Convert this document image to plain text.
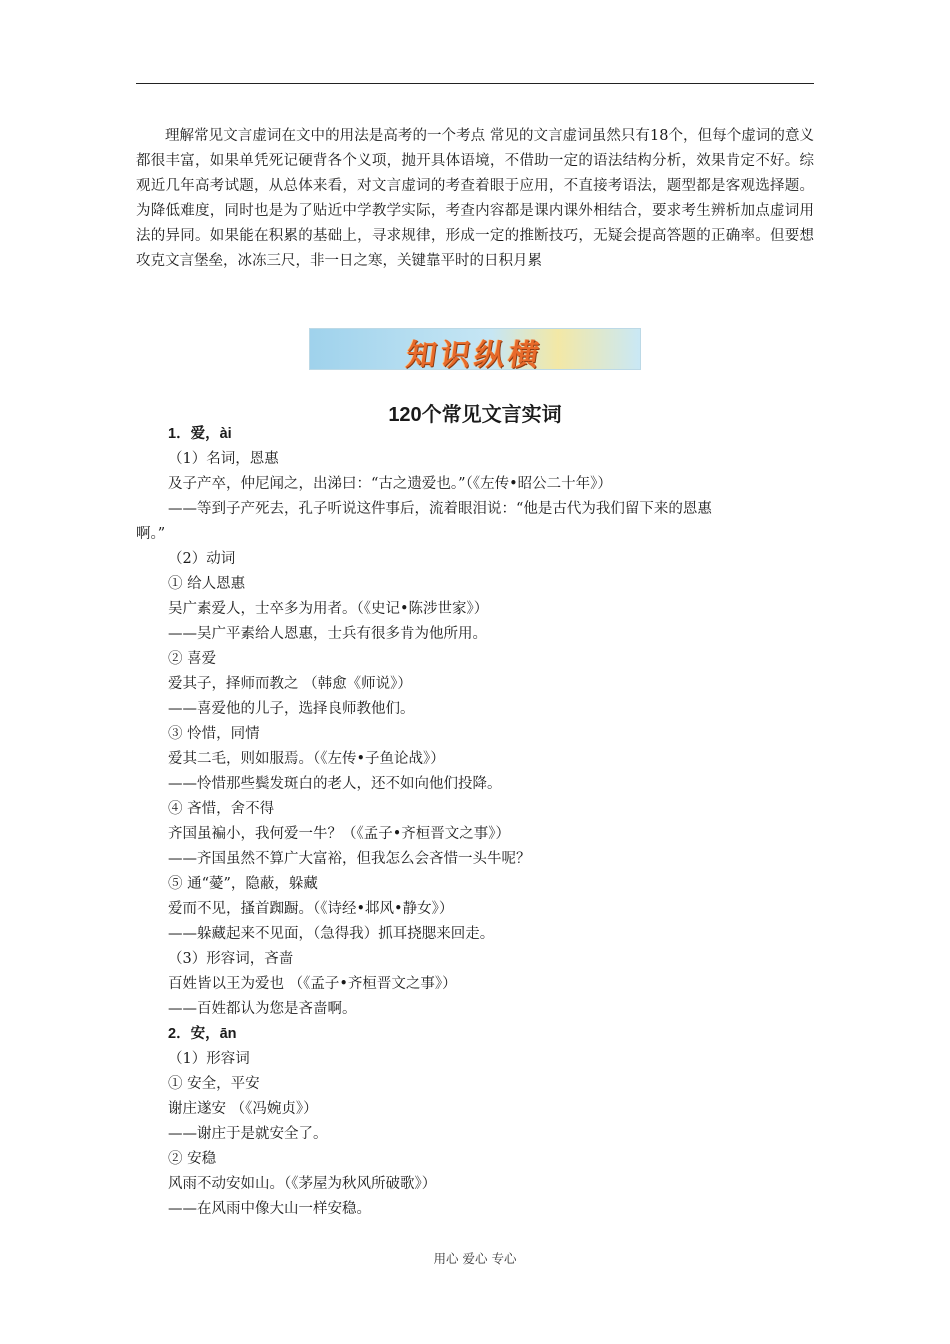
理解常见文言虚词在文中的用法是高考的一个考点 常见的文言虚词虽然只有18个，但每个虚词的意义都很丰富，如果单凭死记硬背各个义项，抛开具体语境，不借助一定的语法结构分析，效果肯定不好。综观近几年高考试题，从总体来看，对文言虚词的考查着眼于应用，不直接考语法，题型都是客观选择题。为降低难度，同时也是为了贴近中学教学实际，考查内容都是课内课外相结合，要求考生辨析加点虚词用法的异同。如果能在积累的基础上，寻求规律，形成一定的推断技巧，无疑会提高答题的正确率。但要想攻克文言堡垒，冰冻三尺，非一日之寒，关键靠平时的日积月累

知识纵横
120个常见文言实词
1．爱，ài
（1）名词，恩惠
及子产卒，仲尼闻之，出涕曰：“古之遗爱也。”（《左传•昭公二十年》）
——等到子产死去，孔子听说这件事后，流着眼泪说：“他是古代为我们留下来的恩惠
啊。”
（2）动词
① 给人恩惠
吴广素爱人，士卒多为用者。（《史记•陈涉世家》）
——吴广平素给人恩惠，士兵有很多肯为他所用。
② 喜爱
爱其子，择师而教之 （韩愈《师说》）
——喜爱他的儿子，选择良师教他们。
③ 怜惜，同情
爱其二毛，则如服焉。（《左传•子鱼论战》）
——怜惜那些鬓发斑白的老人，还不如向他们投降。
④ 吝惜，舍不得
齐国虽褊小，我何爱一牛？（《孟子•齐桓晋文之事》）
——齐国虽然不算广大富裕，但我怎么会吝惜一头牛呢？
⑤ 通“薆”，隐蔽，躲藏
爱而不见，搔首踟蹰。（《诗经•邶风•静女》）
——躲藏起来不见面，（急得我）抓耳挠腮来回走。
（3）形容词，吝啬
百姓皆以王为爱也 （《孟子•齐桓晋文之事》）
——百姓都认为您是吝啬啊。
2．安，ān
（1）形容词
① 安全，平安
谢庄遂安 （《冯婉贞》）
——谢庄于是就安全了。
② 安稳
风雨不动安如山。（《茅屋为秋风所破歌》）
——在风雨中像大山一样安稳。
用心 爱心 专心
